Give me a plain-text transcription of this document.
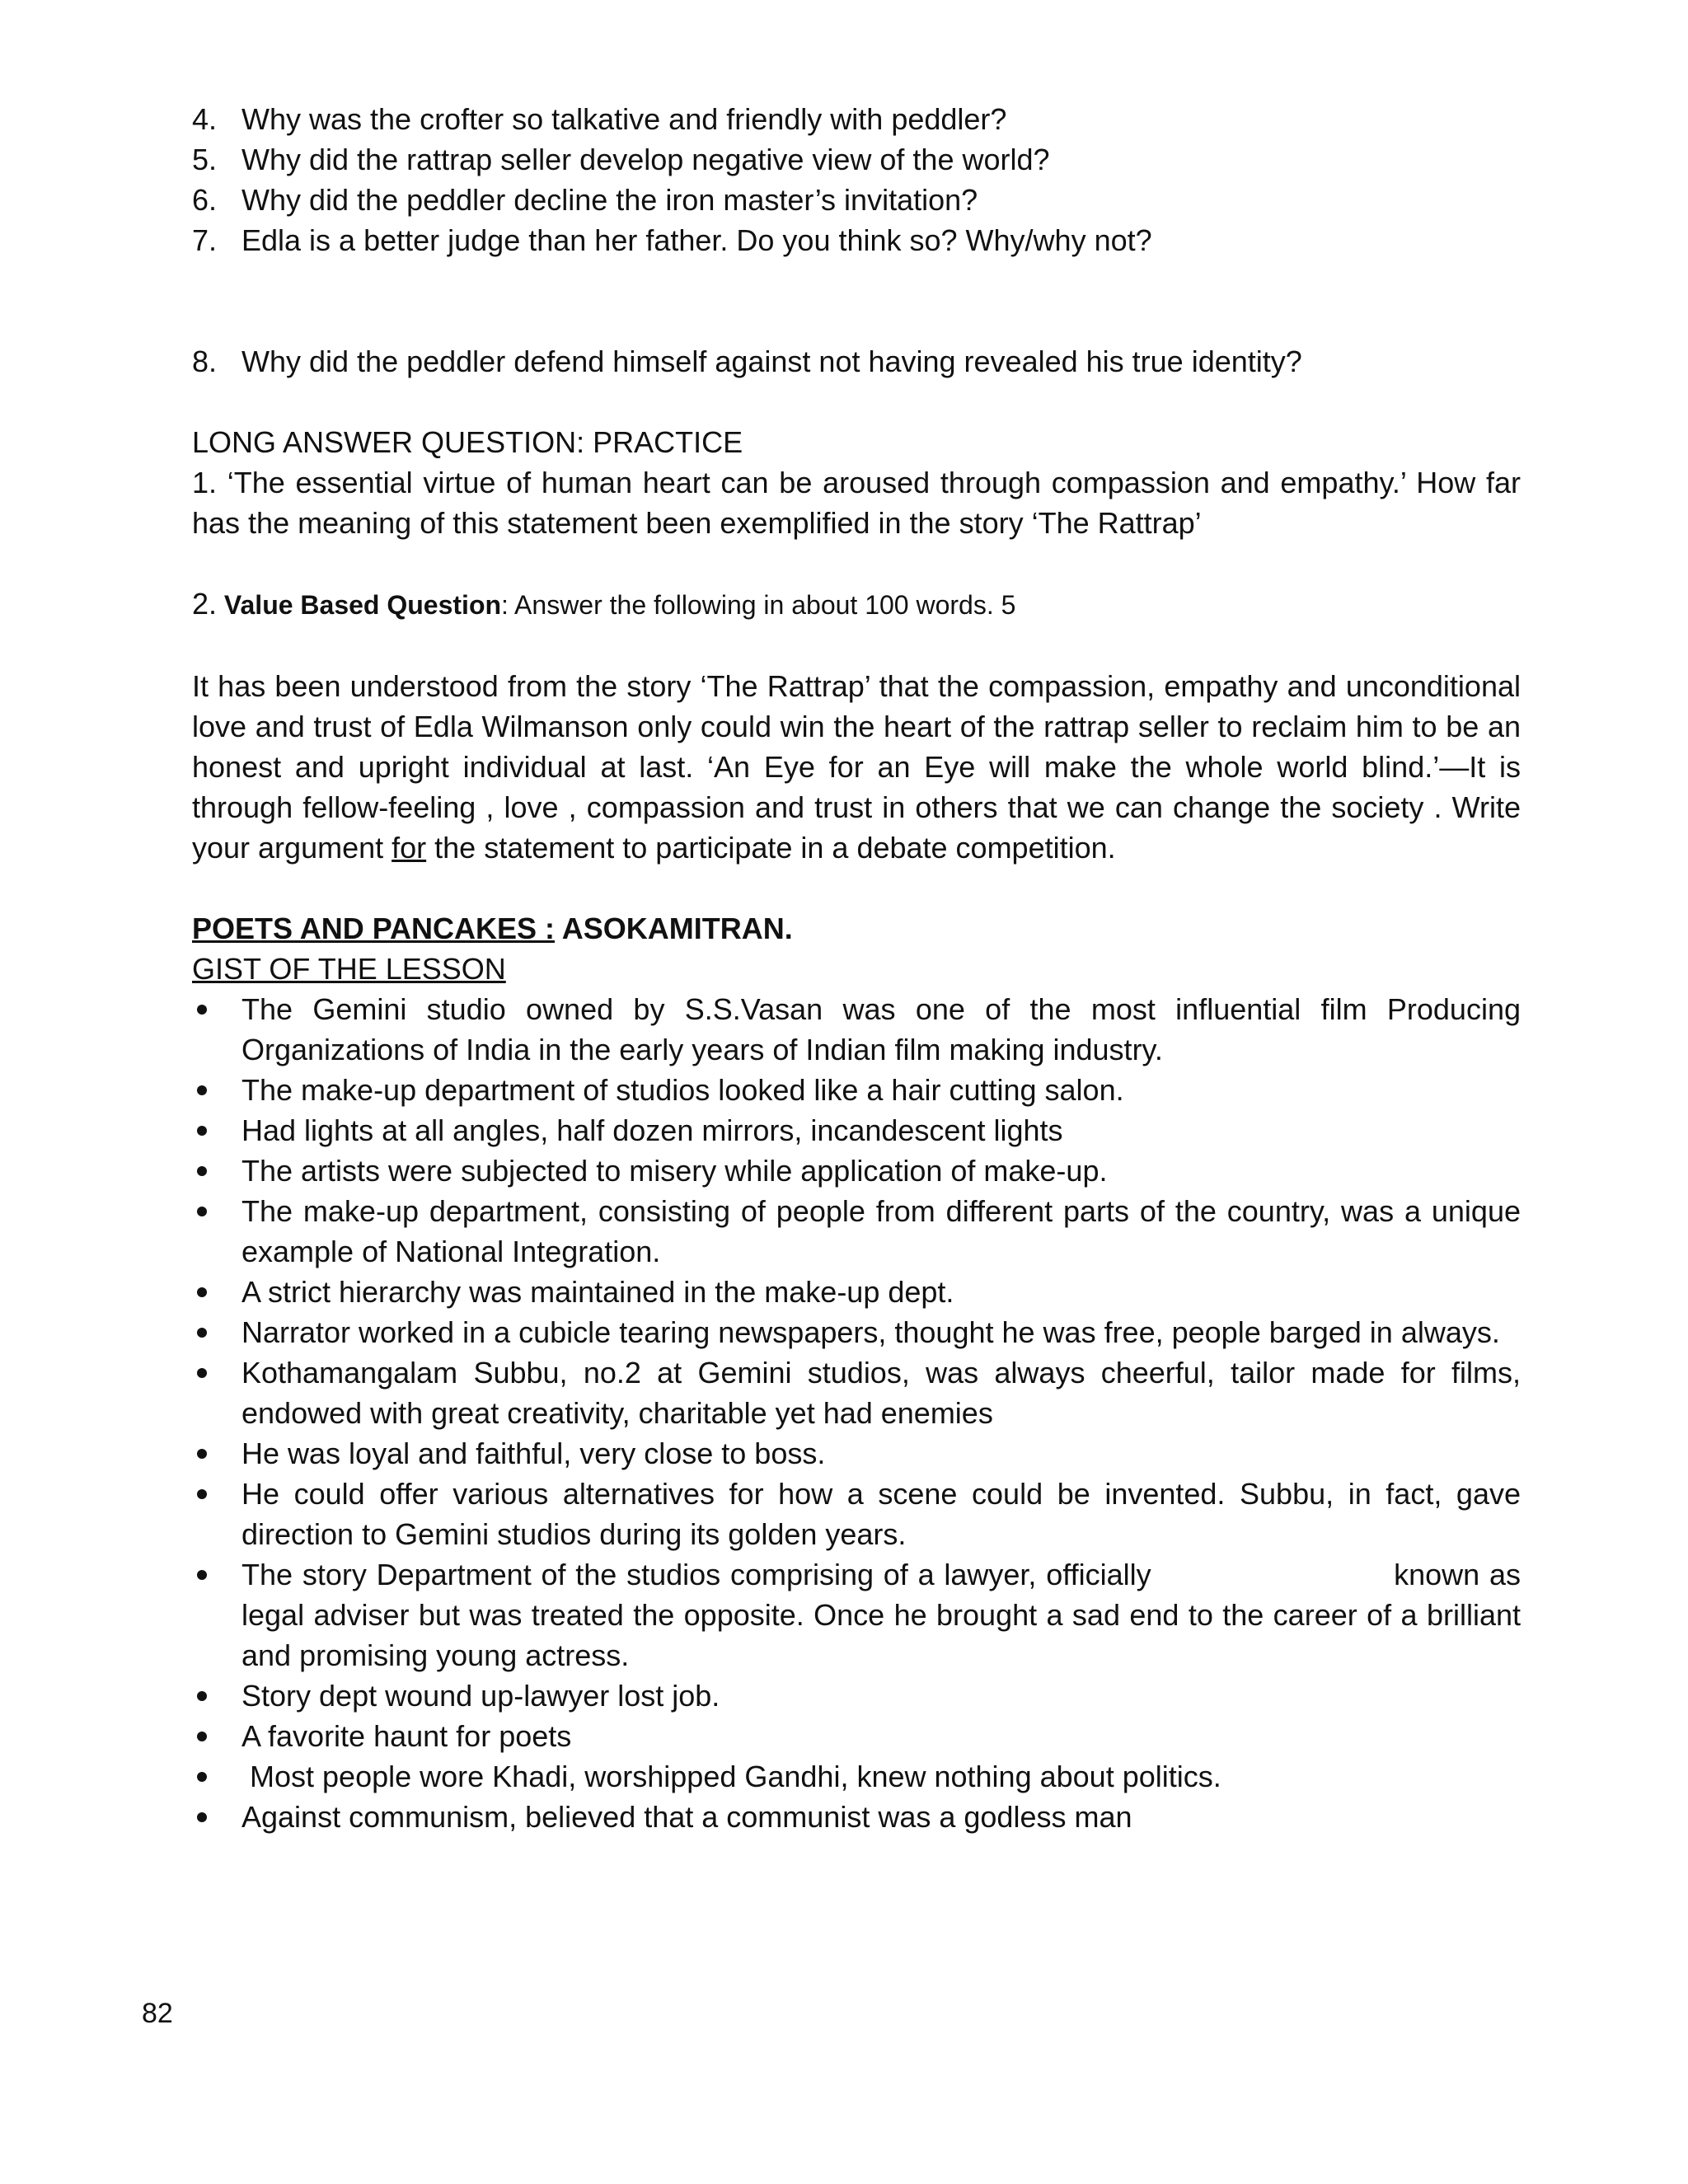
4. Why was the crofter so talkative and friendly with peddler?
5. Why did the rattrap seller develop negative view of the world?
6. Why did the peddler decline the iron master’s invitation?
7. Edla is a better judge than her father. Do you think so? Why/why not?
8. Why did the peddler defend himself against not having revealed his true identity?
LONG ANSWER QUESTION: PRACTICE
1. ‘The essential virtue of human heart can be aroused through compassion and empathy.’ How far has the meaning of this statement been exemplified in the story ‘The Rattrap’
2. Value Based Question: Answer the following in about 100 words. 5
It has been understood from the story ‘The Rattrap’ that the compassion, empathy and unconditional love and trust of Edla Wilmanson only could win the heart of the rattrap seller to reclaim him to be an honest and upright individual at last. ‘An Eye for an Eye will make the whole world blind.’—It is through fellow-feeling , love , compassion and trust in others that we can change the society . Write your argument for the statement to participate in a debate competition.
POETS AND PANCAKES : ASOKAMITRAN.
GIST OF THE LESSON
The Gemini studio owned by S.S.Vasan was one of the most influential film Producing Organizations of India in the early years of Indian film making industry.
The make-up department of studios looked like a hair cutting salon.
Had lights at all angles, half dozen mirrors, incandescent lights
The artists were subjected to misery while application of make-up.
The make-up department, consisting of people from different parts of the country, was a unique example of National Integration.
A strict hierarchy was maintained in the make-up dept.
Narrator worked in a cubicle tearing newspapers, thought he was free, people barged in always.
Kothamangalam Subbu, no.2 at Gemini studios, was always cheerful, tailor made for films, endowed with great creativity, charitable yet had enemies
He was loyal and faithful, very close to boss.
He could offer various alternatives for how a scene could be invented. Subbu, in fact, gave direction to Gemini studios during its golden years.
The story Department of the studios comprising of a lawyer, officially                         known as legal adviser but was treated the opposite. Once he brought a sad end to the career of a brilliant and promising young actress.
Story dept wound up-lawyer lost job.
A favorite haunt for poets
Most people wore Khadi, worshipped Gandhi, knew nothing about politics.
Against communism, believed that a communist was a godless man
82
